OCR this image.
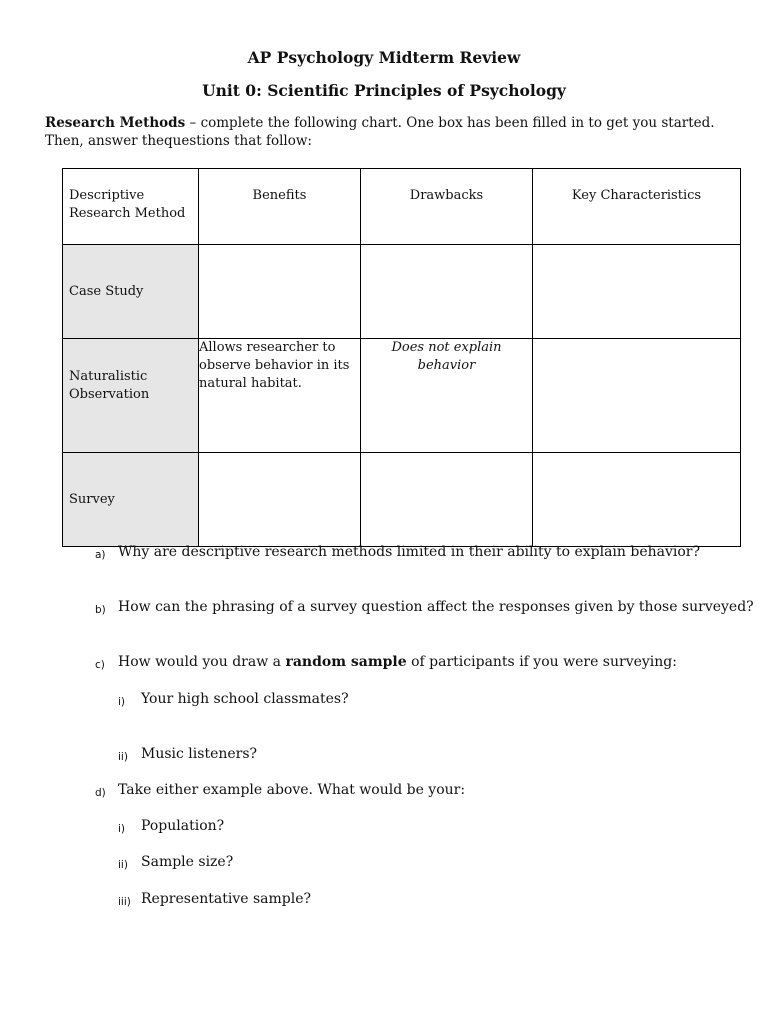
AP Psychology Midterm Review
Unit 0: Scientific Principles of Psychology
Research Methods – complete the following chart. One box has been filled in to get you started.
Then, answer thequestions that follow:
Descriptive Research Method	Benefits	Drawbacks	Key Characteristics
Case Study			
Naturalistic Observation	Allows researcher to observe behavior in its natural habitat.	Does not explain behavior	
Survey			
a) Why are descriptive research methods limited in their ability to explain behavior?
b) How can the phrasing of a survey question affect the responses given by those surveyed?
c) How would you draw a random sample of participants if you were surveying:
i) Your high school classmates?
ii) Music listeners?
d) Take either example above. What would be your:
i) Population?
ii) Sample size?
iii) Representative sample?
